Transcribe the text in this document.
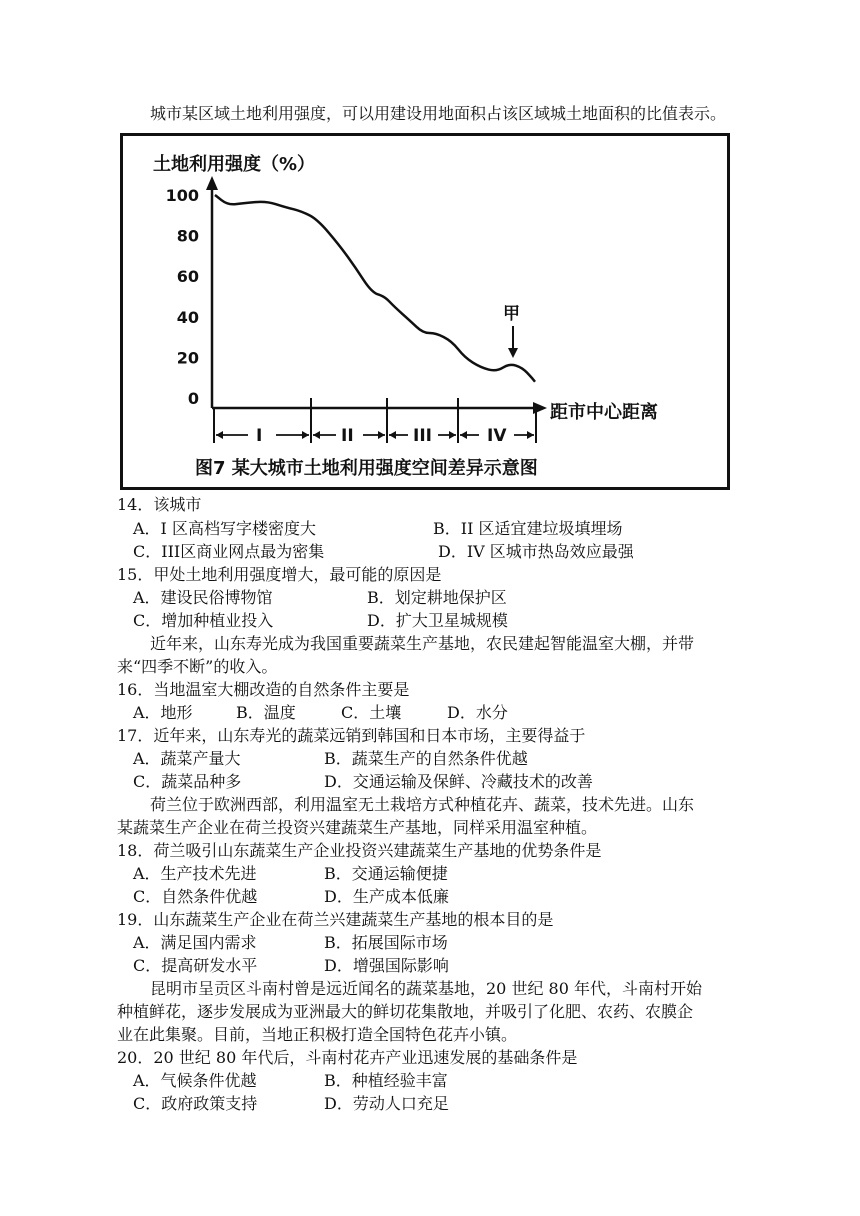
城市某区域土地利用强度，可以用建设用地面积占该区域城土地面积的比值表示。
土地利用强度（%）
距市中心距离
100
80
60
40
20
0
甲
I	II	III	IV
图7 某大城市土地利用强度空间差异示意图
14．该城市
A．I 区高档写字楼密度大	B．II 区适宜建垃圾填埋场
C．III区商业网点最为密集	D．IV 区城市热岛效应最强
15．甲处土地利用强度增大，最可能的原因是
A．建设民俗博物馆	B．划定耕地保护区
C．增加种植业投入	D．扩大卫星城规模
近年来，山东寿光成为我国重要蔬菜生产基地，农民建起智能温室大棚，并带
来“四季不断”的收入。
16．当地温室大棚改造的自然条件主要是
A．地形	B．温度	C．土壤	D．水分
17．近年来，山东寿光的蔬菜远销到韩国和日本市场，主要得益于
A．蔬菜产量大	B．蔬菜生产的自然条件优越
C．蔬菜品种多	D．交通运输及保鲜、冷藏技术的改善
荷兰位于欧洲西部，利用温室无土栽培方式种植花卉、蔬菜，技术先进。山东
某蔬菜生产企业在荷兰投资兴建蔬菜生产基地，同样采用温室种植。
18．荷兰吸引山东蔬菜生产企业投资兴建蔬菜生产基地的优势条件是
A．生产技术先进	B．交通运输便捷
C．自然条件优越	D．生产成本低廉
19．山东蔬菜生产企业在荷兰兴建蔬菜生产基地的根本目的是
A．满足国内需求	B．拓展国际市场
C．提高研发水平	D．增强国际影响
昆明市呈贡区斗南村曾是远近闻名的蔬菜基地，20 世纪 80 年代，斗南村开始
种植鲜花，逐步发展成为亚洲最大的鲜切花集散地，并吸引了化肥、农药、农膜企
业在此集聚。目前，当地正积极打造全国特色花卉小镇。
20．20 世纪 80 年代后，斗南村花卉产业迅速发展的基础条件是
A．气候条件优越	B．种植经验丰富
C．政府政策支持	D．劳动人口充足
